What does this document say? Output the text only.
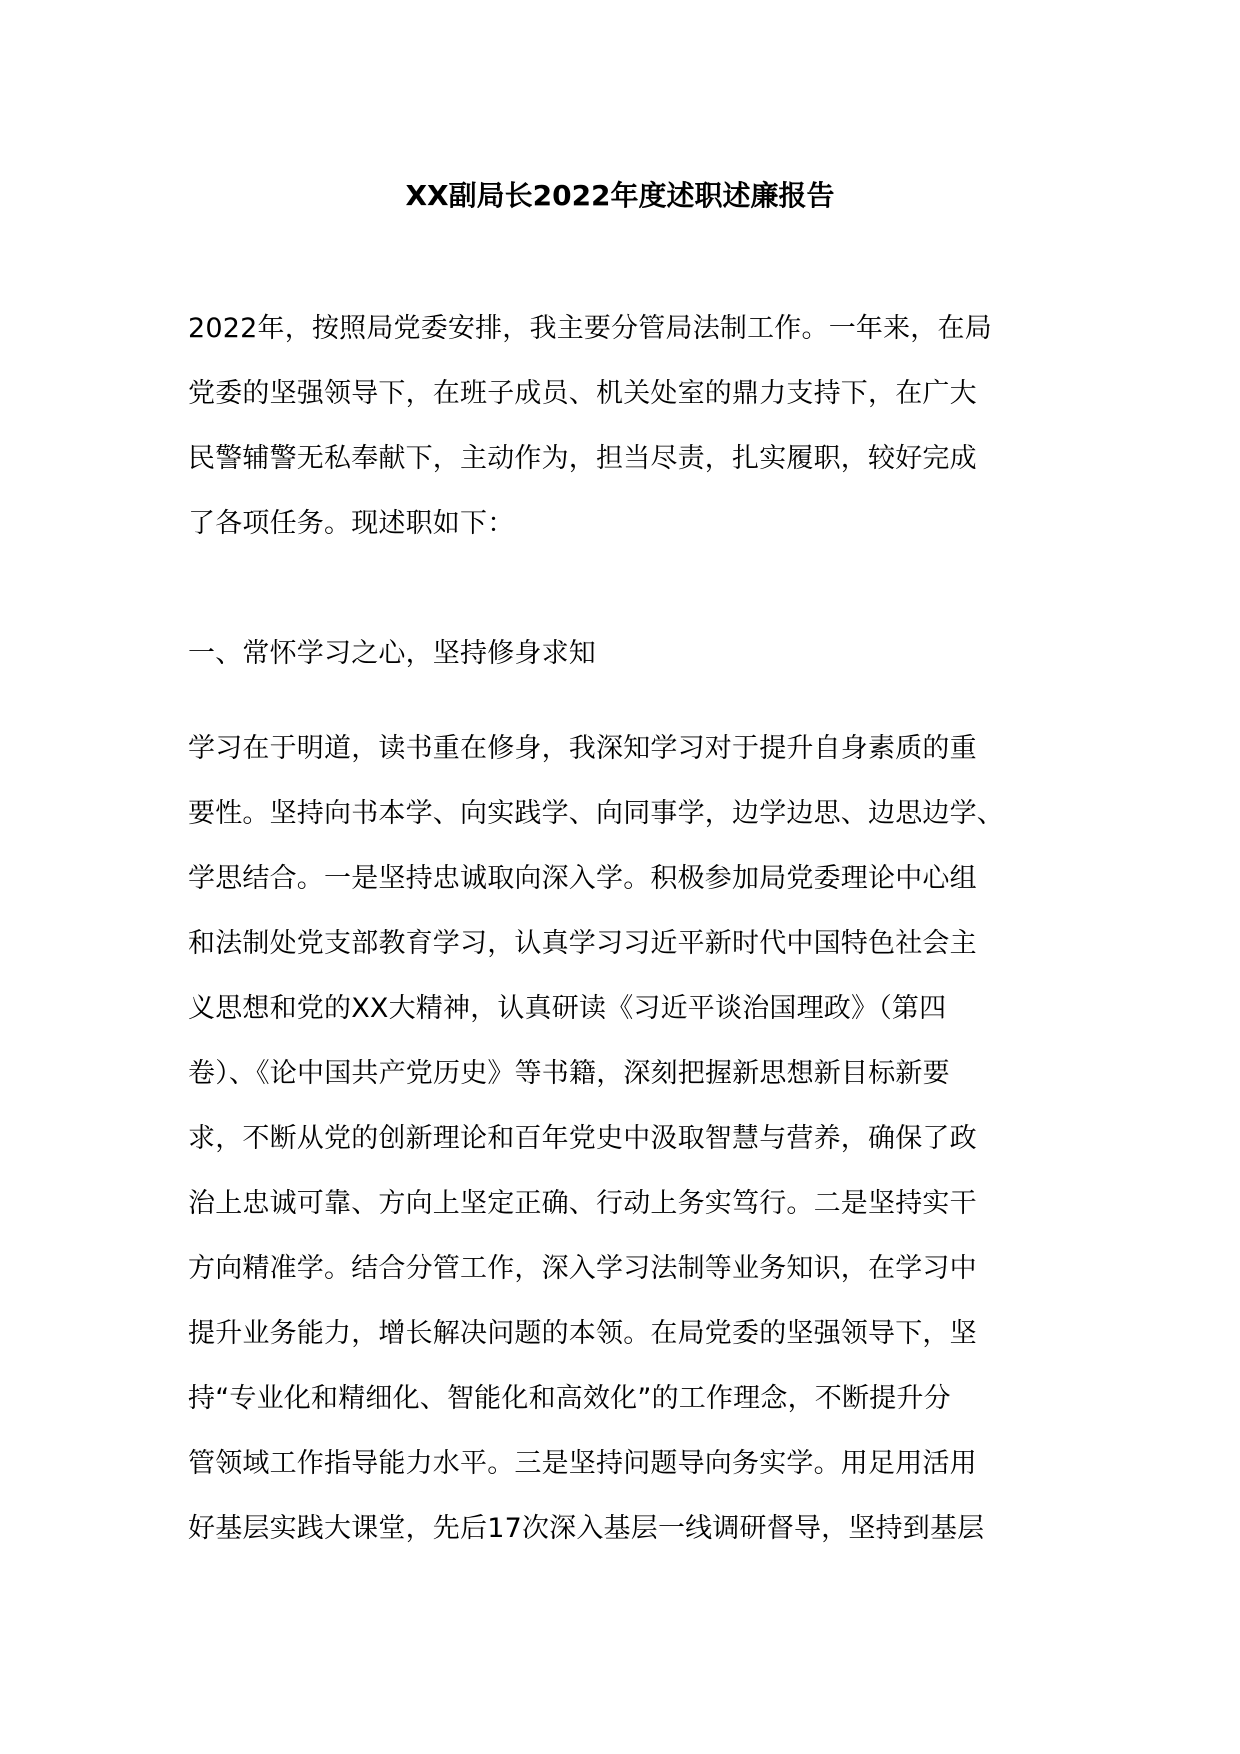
XX副局长2022年度述职述廉报告
2022年，按照局党委安排，我主要分管局法制工作。一年来，在局
党委的坚强领导下，在班子成员、机关处室的鼎力支持下，在广大
民警辅警无私奉献下，主动作为，担当尽责，扎实履职，较好完成
了各项任务。现述职如下：
一、常怀学习之心，坚持修身求知
学习在于明道，读书重在修身，我深知学习对于提升自身素质的重
要性。坚持向书本学、向实践学、向同事学，边学边思、边思边学、
学思结合。一是坚持忠诚取向深入学。积极参加局党委理论中心组
和法制处党支部教育学习，认真学习习近平新时代中国特色社会主
义思想和党的XX大精神，认真研读《习近平谈治国理政》（第四
卷）、《论中国共产党历史》等书籍，深刻把握新思想新目标新要
求，不断从党的创新理论和百年党史中汲取智慧与营养，确保了政
治上忠诚可靠、方向上坚定正确、行动上务实笃行。二是坚持实干
方向精准学。结合分管工作，深入学习法制等业务知识，在学习中
提升业务能力，增长解决问题的本领。在局党委的坚强领导下，坚
持“专业化和精细化、智能化和高效化”的工作理念，不断提升分
管领域工作指导能力水平。三是坚持问题导向务实学。用足用活用
好基层实践大课堂，先后17次深入基层一线调研督导，坚持到基层
